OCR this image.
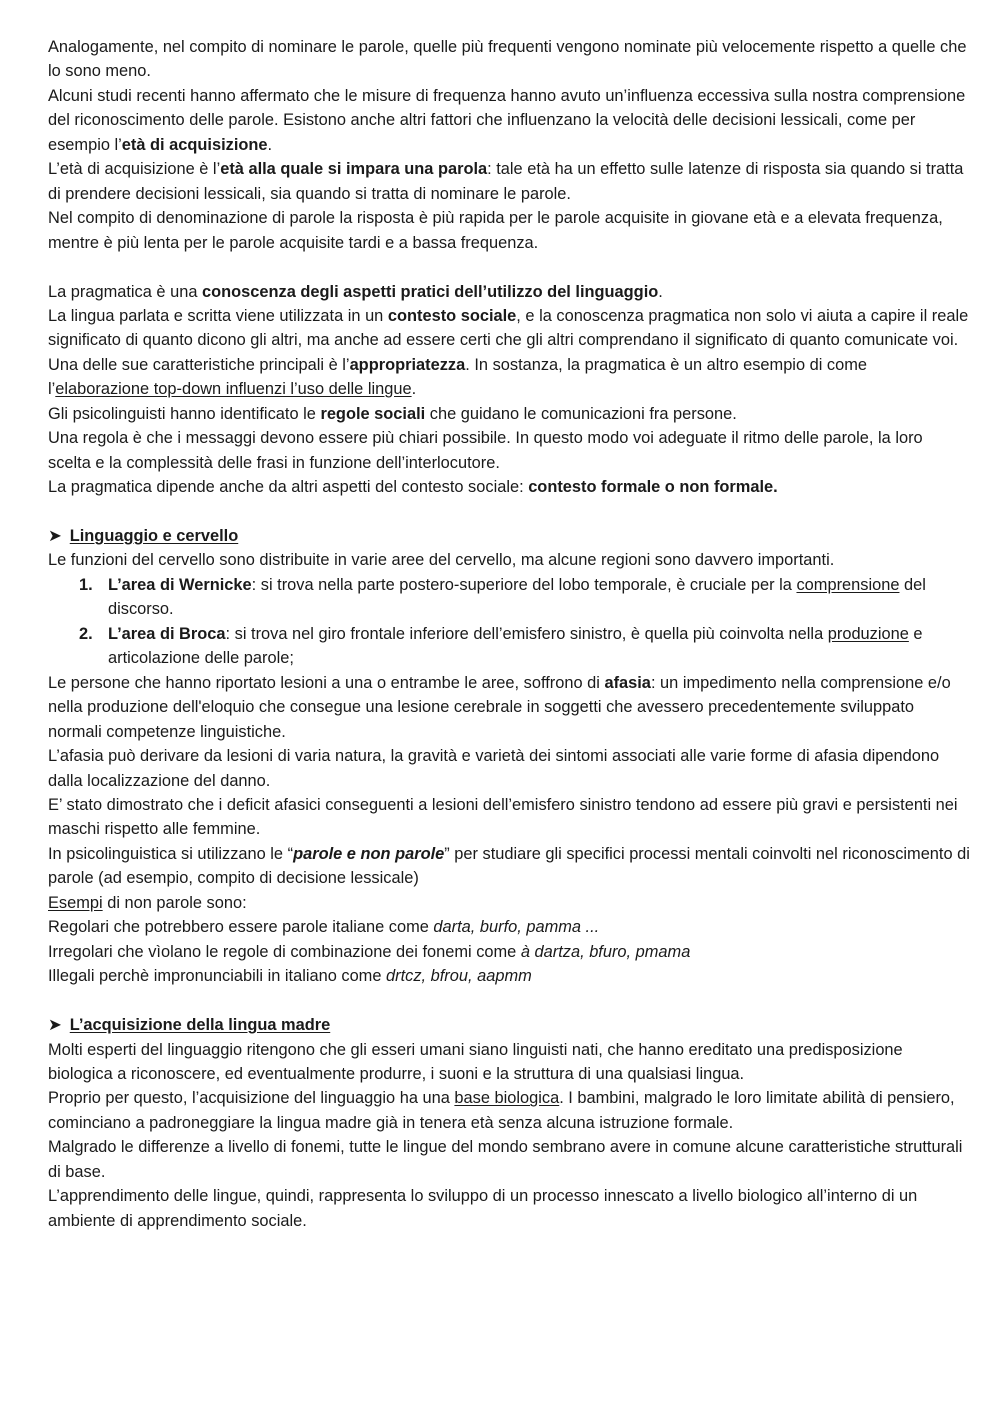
Analogamente, nel compito di nominare le parole, quelle più frequenti vengono nominate più velocemente rispetto a quelle che lo sono meno.

Alcuni studi recenti hanno affermato che le misure di frequenza hanno avuto un’influenza eccessiva sulla nostra comprensione del riconoscimento delle parole. Esistono anche altri fattori che influenzano la velocità delle decisioni lessicali, come per esempio l’età di acquisizione.

L’età di acquisizione è l’età alla quale si impara una parola: tale età ha un effetto sulle latenze di risposta sia quando si tratta di prendere decisioni lessicali, sia quando si tratta di nominare le parole.

Nel compito di denominazione di parole la risposta è più rapida per le parole acquisite in giovane età e a elevata frequenza, mentre è più lenta per le parole acquisite tardi e a bassa frequenza.

La pragmatica è una conoscenza degli aspetti pratici dell’utilizzo del linguaggio.

La lingua parlata e scritta viene utilizzata in un contesto sociale, e la conoscenza pragmatica non solo vi aiuta a capire il reale significato di quanto dicono gli altri, ma anche ad essere certi che gli altri comprendano il significato di quanto comunicate voi. Una delle sue caratteristiche principali è l’appropriatezza. In sostanza, la pragmatica è un altro esempio di come l’elaborazione top-down influenzi l’uso delle lingue.

Gli psicolinguisti hanno identificato le regole sociali che guidano le comunicazioni fra persone.

Una regola è che i messaggi devono essere più chiari possibile. In questo modo voi adeguate il ritmo delle parole, la loro scelta e la complessità delle frasi in funzione dell’interlocutore.

La pragmatica dipende anche da altri aspetti del contesto sociale: contesto formale o non formale.

➤ Linguaggio e cervello

Le funzioni del cervello sono distribuite in varie aree del cervello, ma alcune regioni sono davvero importanti.

1. L’area di Wernicke: si trova nella parte postero-superiore del lobo temporale, è cruciale per la comprensione del discorso.
2. L’area di Broca: si trova nel giro frontale inferiore dell’emisfero sinistro, è quella più coinvolta nella produzione e articolazione delle parole;

Le persone che hanno riportato lesioni a una o entrambe le aree, soffrono di afasia: un impedimento nella comprensione e/o nella produzione dell'eloquio che consegue una lesione cerebrale in soggetti che avessero precedentemente sviluppato normali competenze linguistiche.

L’afasia può derivare da lesioni di varia natura, la gravità e varietà dei sintomi associati alle varie forme di afasia dipendono dalla localizzazione del danno.

E’ stato dimostrato che i deficit afasici conseguenti a lesioni dell’emisfero sinistro tendono ad essere più gravi e persistenti nei maschi rispetto alle femmine.

In psicolinguistica si utilizzano le “parole e non parole” per studiare gli specifici processi mentali coinvolti nel riconoscimento di parole (ad esempio, compito di decisione lessicale)

Esempi di non parole sono:

Regolari che potrebbero essere parole italiane come darta, burfo, pamma ...

Irregolari che vìolano le regole di combinazione dei fonemi come à dartza, bfuro, pmama

Illegali perchè impronunciabili in italiano come drtcz, bfrou, aapmm

➤ L’acquisizione della lingua madre

Molti esperti del linguaggio ritengono che gli esseri umani siano linguisti nati, che hanno ereditato una predisposizione biologica a riconoscere, ed eventualmente produrre, i suoni e la struttura di una qualsiasi lingua.

Proprio per questo, l’acquisizione del linguaggio ha una base biologica. I bambini, malgrado le loro limitate abilità di pensiero, cominciano a padroneggiare la lingua madre già in tenera età senza alcuna istruzione formale.

Malgrado le differenze a livello di fonemi, tutte le lingue del mondo sembrano avere in comune alcune caratteristiche strutturali di base.

L’apprendimento delle lingue, quindi, rappresenta lo sviluppo di un processo innescato a livello biologico all’interno di un ambiente di apprendimento sociale.
